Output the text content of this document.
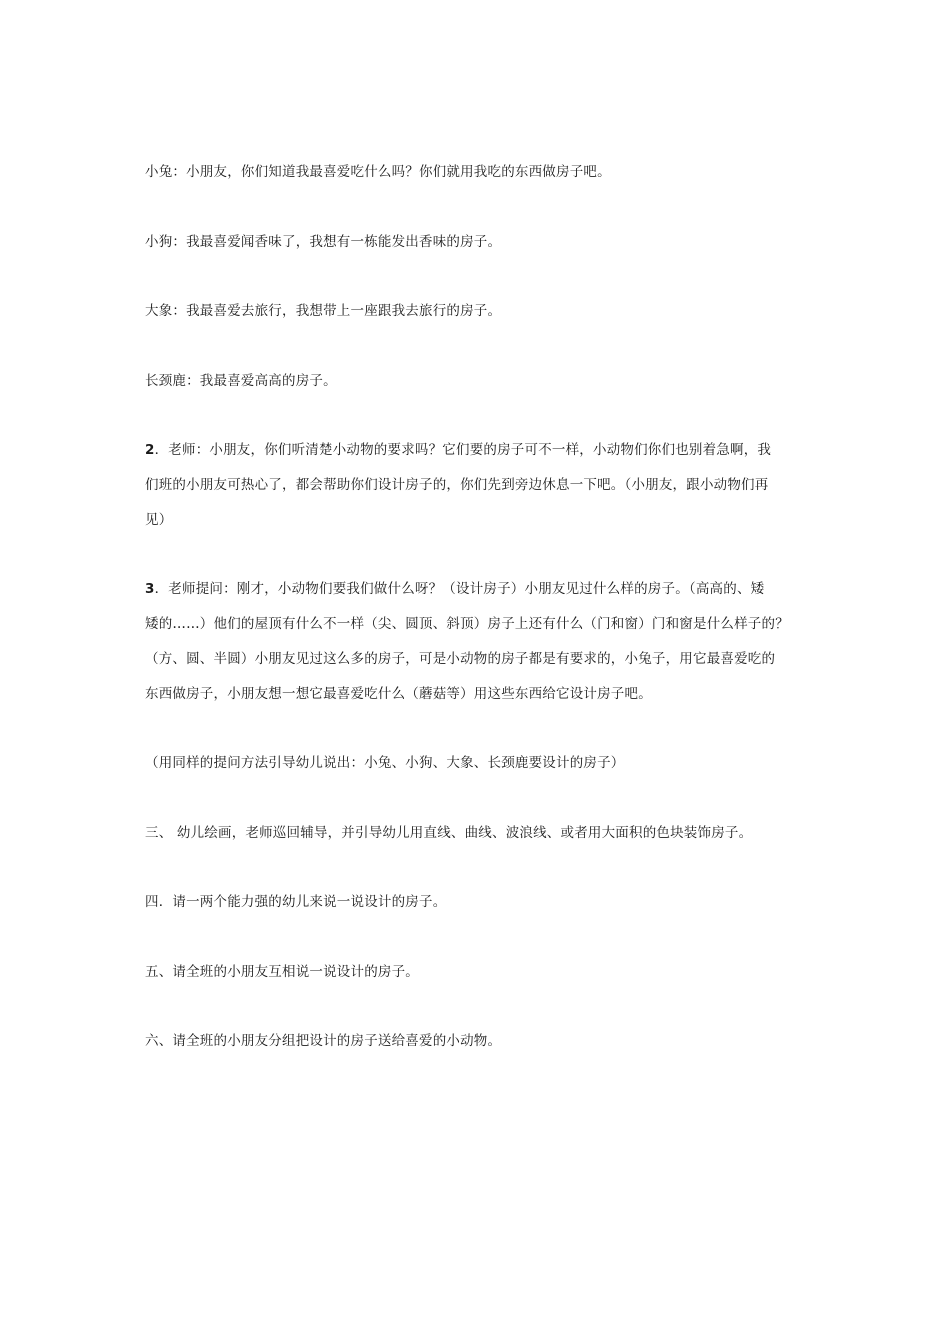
小兔：小朋友，你们知道我最喜爱吃什么吗？你们就用我吃的东西做房子吧。
小狗：我最喜爱闻香味了，我想有一栋能发出香味的房子。
大象：我最喜爱去旅行，我想带上一座跟我去旅行的房子。
长颈鹿：我最喜爱高高的房子。
2．老师：小朋友，你们听清楚小动物的要求吗？它们要的房子可不一样，小动物们你们也别着急啊，我
们班的小朋友可热心了，都会帮助你们设计房子的，你们先到旁边休息一下吧。（小朋友，跟小动物们再
见）
3．老师提问：刚才，小动物们要我们做什么呀？（设计房子）小朋友见过什么样的房子。（高高的、矮
矮的……）他们的屋顶有什么不一样（尖、圆顶、斜顶）房子上还有什么（门和窗）门和窗是什么样子的？
（方、圆、半圆）小朋友见过这么多的房子，可是小动物的房子都是有要求的，小兔子，用它最喜爱吃的
东西做房子，小朋友想一想它最喜爱吃什么（蘑菇等）用这些东西给它设计房子吧。
（用同样的提问方法引导幼儿说出：小兔、小狗、大象、长颈鹿要设计的房子）
三、 幼儿绘画，老师巡回辅导，并引导幼儿用直线、曲线、波浪线、或者用大面积的色块装饰房子。
四．请一两个能力强的幼儿来说一说设计的房子。
五、请全班的小朋友互相说一说设计的房子。
六、请全班的小朋友分组把设计的房子送给喜爱的小动物。
